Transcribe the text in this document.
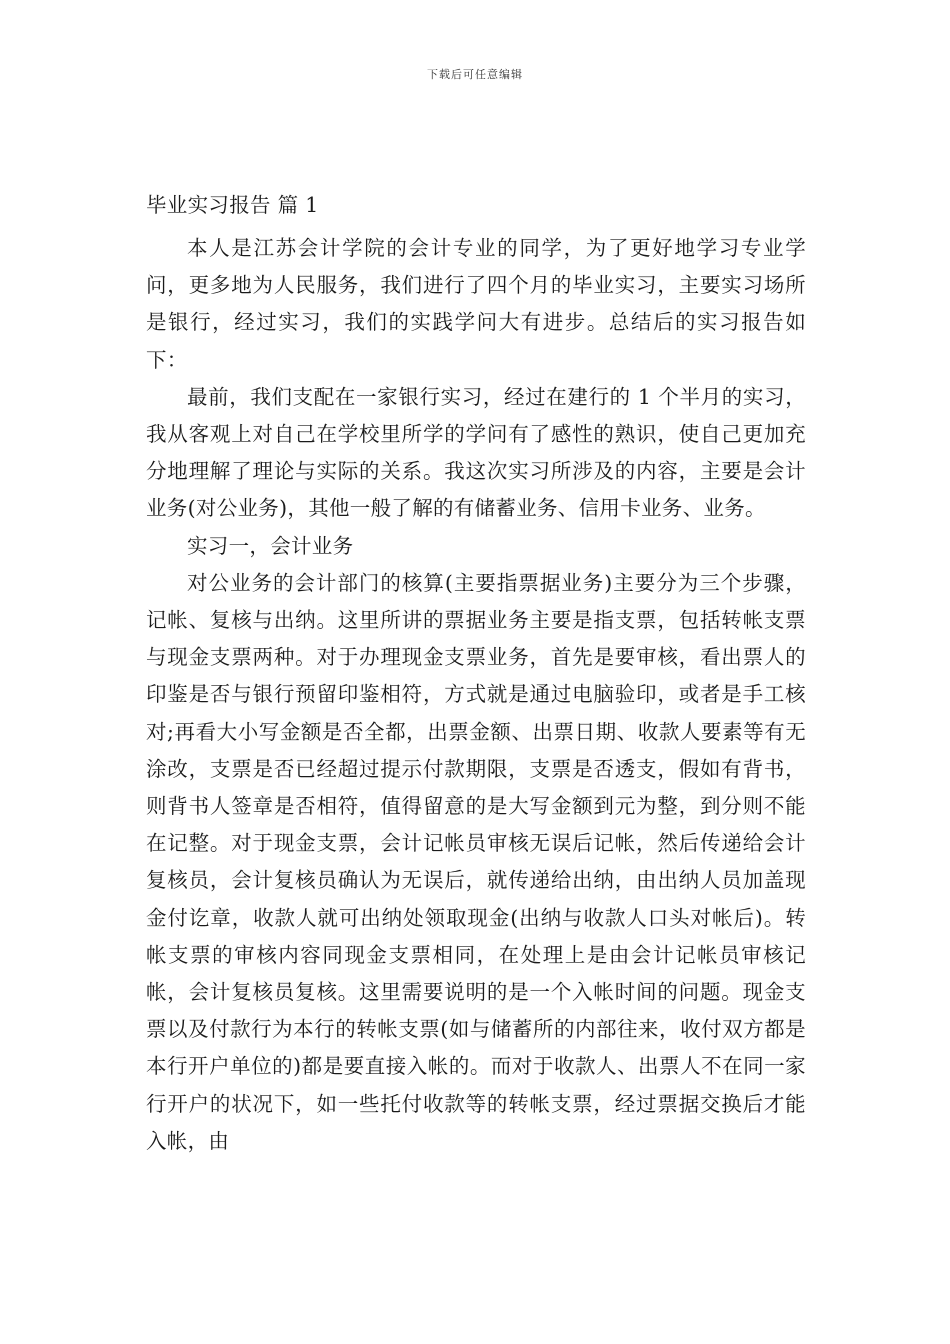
下载后可任意编辑
毕业实习报告 篇 1

本人是江苏会计学院的会计专业的同学，为了更好地学习专业学问，更多地为人民服务，我们进行了四个月的毕业实习，主要实习场所是银行，经过实习，我们的实践学问大有进步。总结后的实习报告如下：

最前，我们支配在一家银行实习，经过在建行的 1 个半月的实习，我从客观上对自己在学校里所学的学问有了感性的熟识，使自己更加充分地理解了理论与实际的关系。我这次实习所涉及的内容，主要是会计业务(对公业务)，其他一般了解的有储蓄业务、信用卡业务、业务。

实习一，会计业务

对公业务的会计部门的核算(主要指票据业务)主要分为三个步骤，记帐、复核与出纳。这里所讲的票据业务主要是指支票，包括转帐支票与现金支票两种。对于办理现金支票业务，首先是要审核，看出票人的印鉴是否与银行预留印鉴相符，方式就是通过电脑验印，或者是手工核对;再看大小写金额是否全都，出票金额、出票日期、收款人要素等有无涂改，支票是否已经超过提示付款期限，支票是否透支，假如有背书，则背书人签章是否相符，值得留意的是大写金额到元为整，到分则不能在记整。对于现金支票，会计记帐员审核无误后记帐，然后传递给会计复核员，会计复核员确认为无误后，就传递给出纳，由出纳人员加盖现金付讫章，收款人就可出纳处领取现金(出纳与收款人口头对帐后)。转帐支票的审核内容同现金支票相同，在处理上是由会计记帐员审核记帐，会计复核员复核。这里需要说明的是一个入帐时间的问题。现金支票以及付款行为本行的转帐支票(如与储蓄所的内部往来，收付双方都是本行开户单位的)都是要直接入帐的。而对于收款人、出票人不在同一家行开户的状况下，如一些托付收款等的转帐支票，经过票据交换后才能入帐，由
